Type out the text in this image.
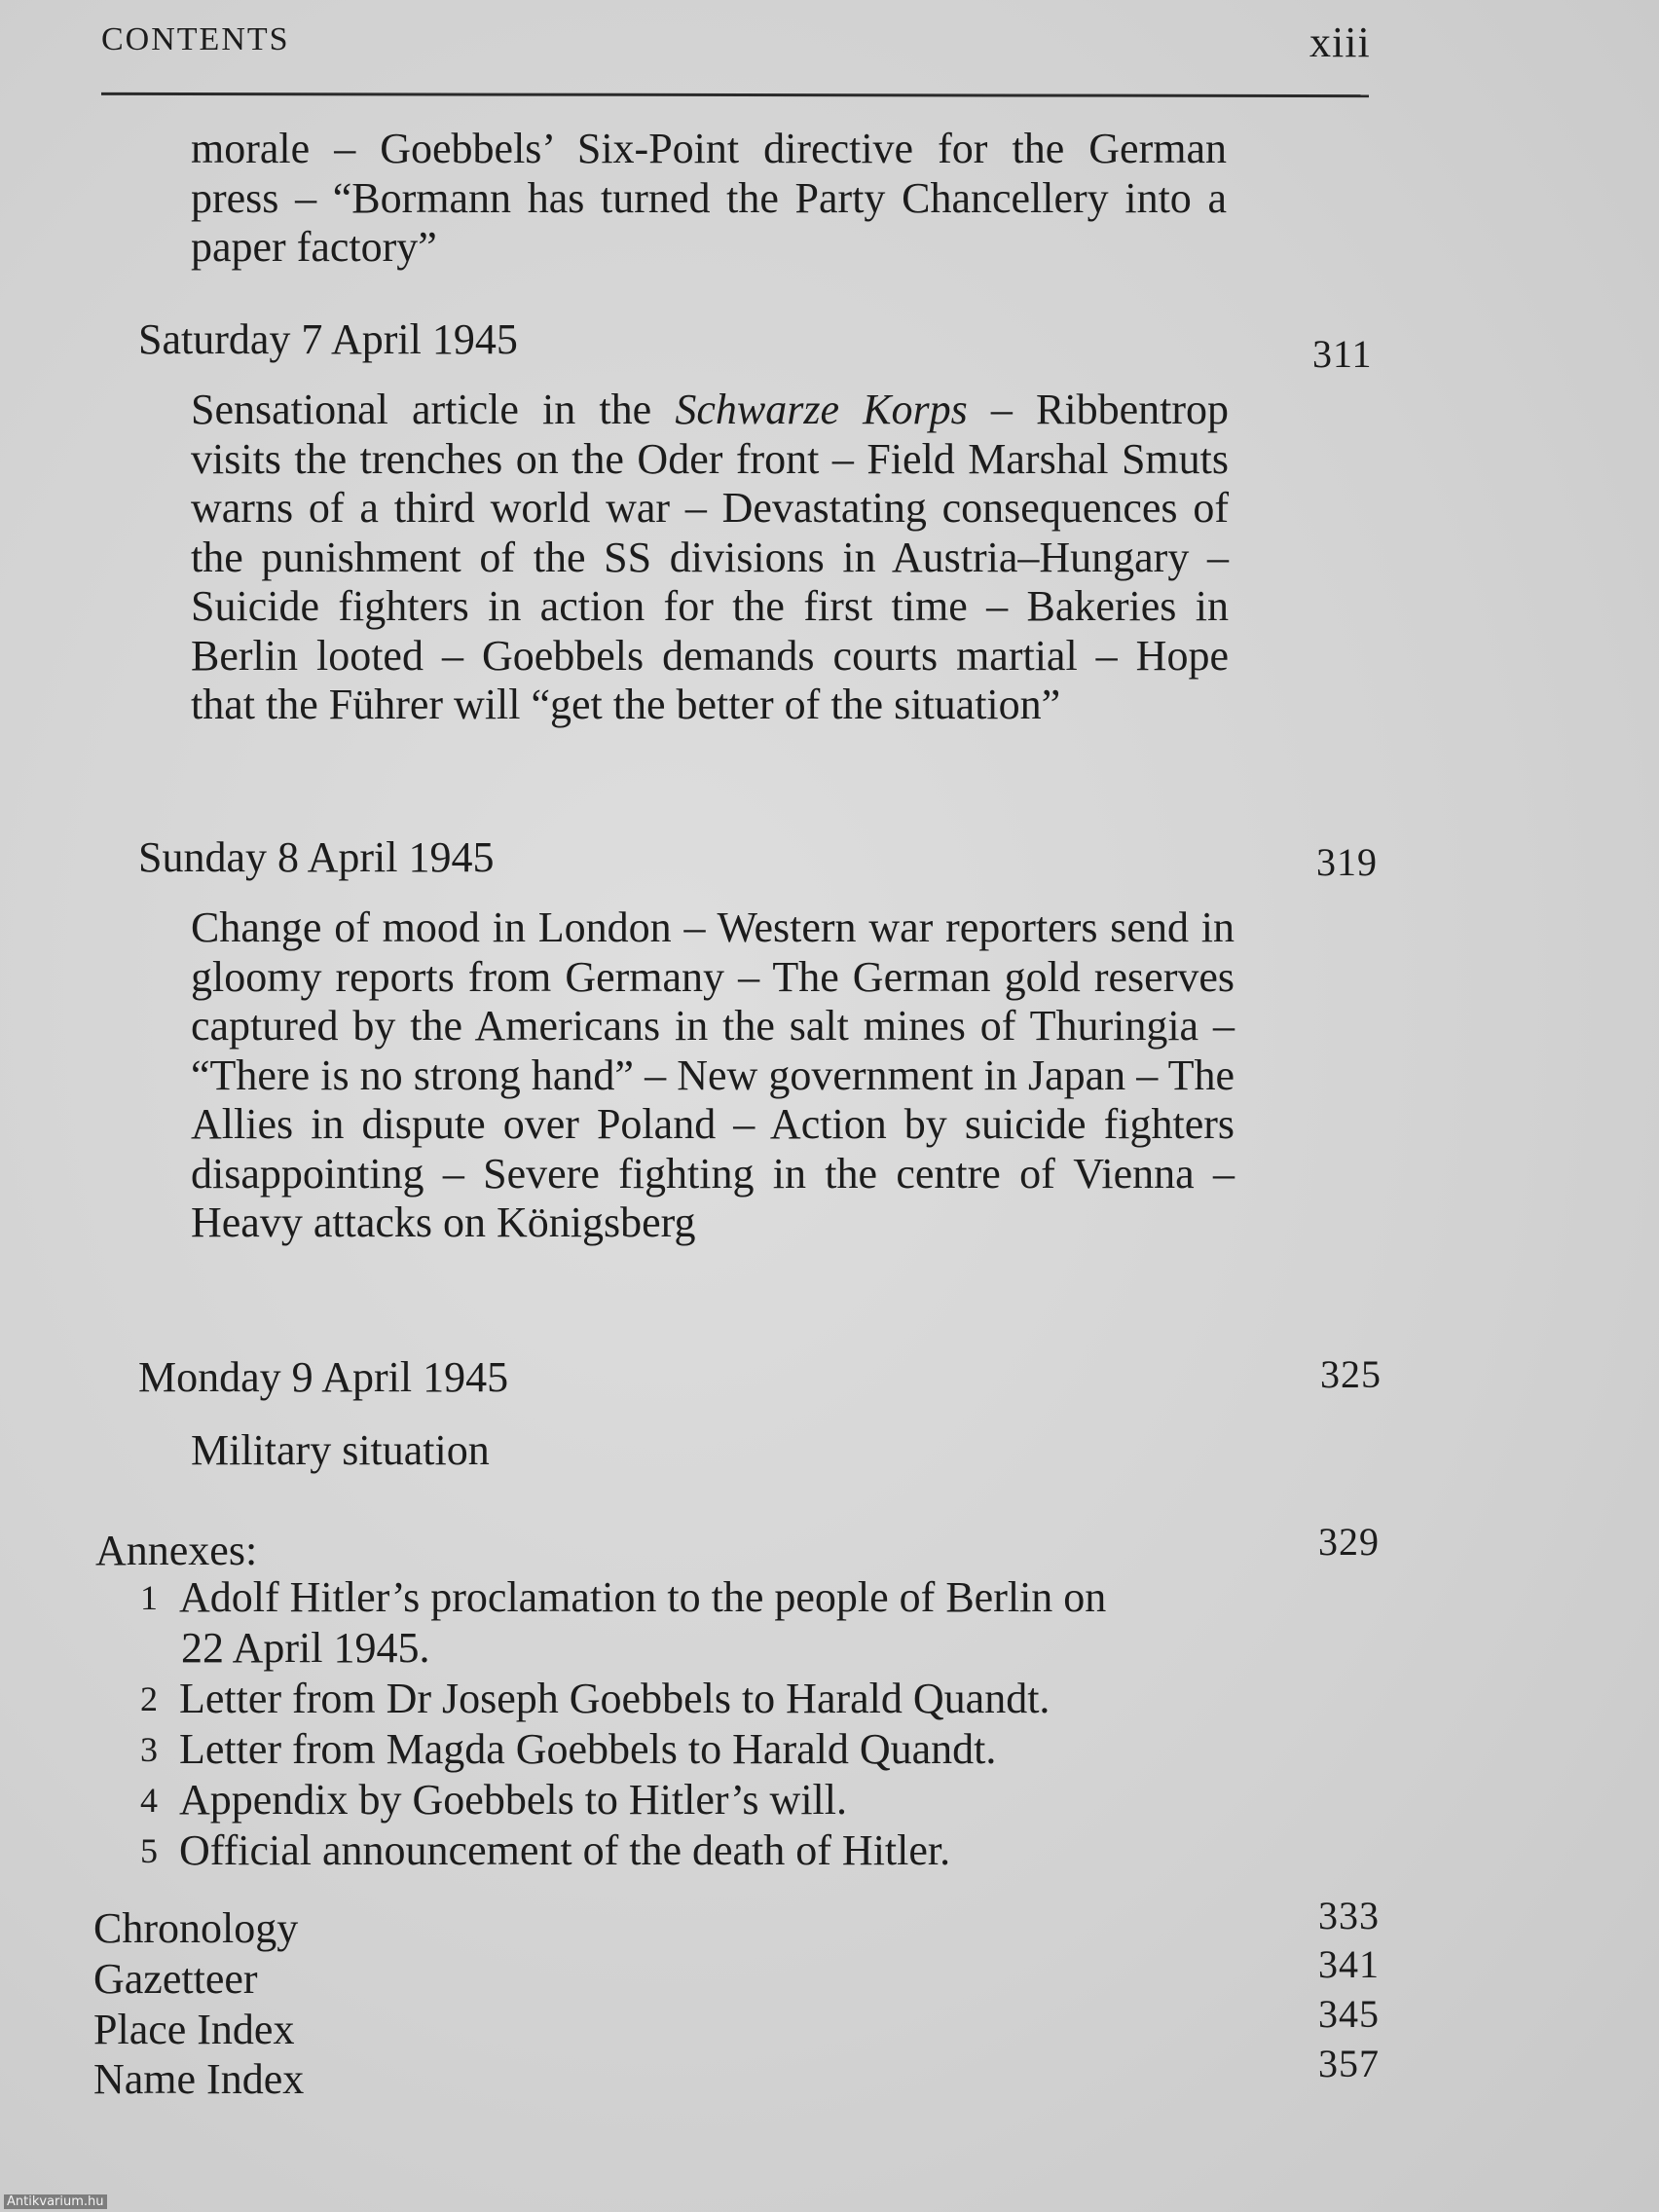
CONTENTS	xiii
morale – Goebbels’ Six-Point directive for the German press – “Bormann has turned the Party Chancellery into a paper factory”
Saturday 7 April 1945	311
Sensational article in the Schwarze Korps – Ribbentrop visits the trenches on the Oder front – Field Marshal Smuts warns of a third world war – Devastating consequences of the punishment of the SS divisions in Austria–Hungary – Suicide fighters in action for the first time – Bakeries in Berlin looted – Goebbels demands courts martial – Hope that the Führer will “get the better of the situation”
Sunday 8 April 1945	319
Change of mood in London – Western war reporters send in gloomy reports from Germany – The German gold reserves captured by the Americans in the salt mines of Thuringia – “There is no strong hand” – New government in Japan – The Allies in dispute over Poland – Action by suicide fighters disappointing – Severe fighting in the centre of Vienna – Heavy attacks on Königsberg
Monday 9 April 1945	325
Military situation
Annexes:	329
1 Adolf Hitler’s proclamation to the people of Berlin on
22 April 1945.
2 Letter from Dr Joseph Goebbels to Harald Quandt.
3 Letter from Magda Goebbels to Harald Quandt.
4 Appendix by Goebbels to Hitler’s will.
5 Official announcement of the death of Hitler.
Chronology	333
Gazetteer	341
Place Index	345
Name Index	357
Antikvarium.hu
